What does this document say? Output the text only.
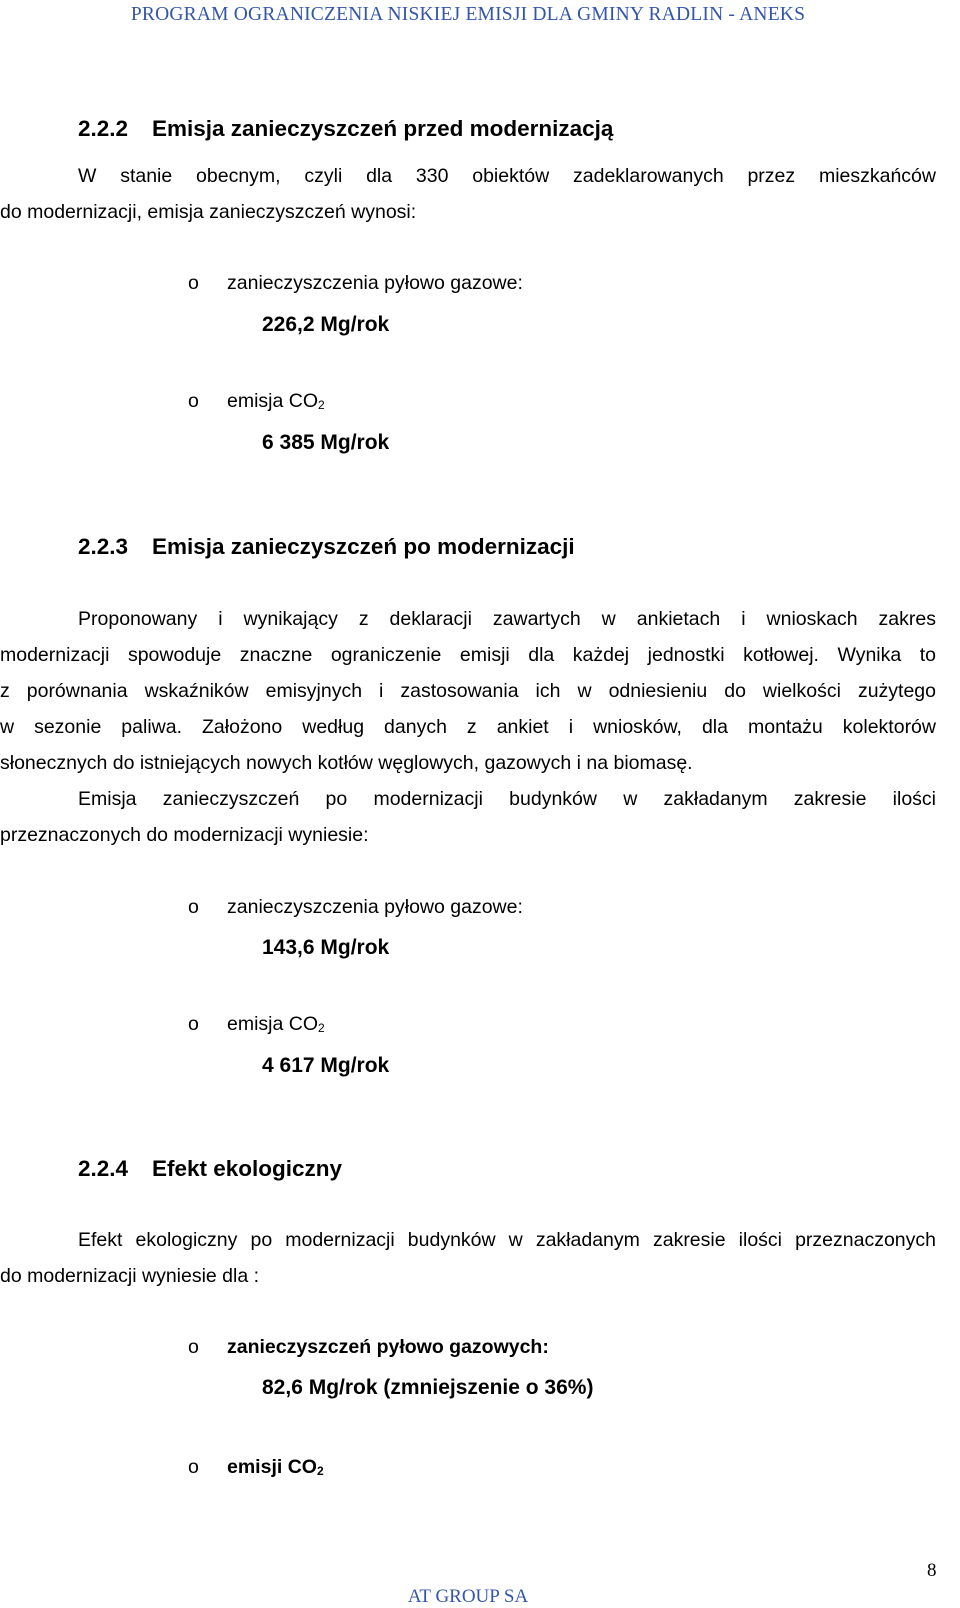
PROGRAM OGRANICZENIA NISKIEJ EMISJI DLA GMINY RADLIN - ANEKS
2.2.2 Emisja zanieczyszczeń przed modernizacją
W stanie obecnym, czyli dla 330 obiektów zadeklarowanych przez mieszkańców
do modernizacji, emisja zanieczyszczeń wynosi:
o zanieczyszczenia pyłowo gazowe:
226,2 Mg/rok
o emisja $CO_2$
6 385 Mg/rok
2.2.3 Emisja zanieczyszczeń po modernizacji
Proponowany i wynikający z deklaracji zawartych w ankietach i wnioskach zakres
modernizacji spowoduje znaczne ograniczenie emisji dla każdej jednostki kotłowej. Wynika to
z porównania wskaźników emisyjnych i zastosowania ich w odniesieniu do wielkości zużytego
w sezonie paliwa. Założono według danych z ankiet i wniosków, dla montażu kolektorów
słonecznych do istniejących nowych kotłów węglowych, gazowych i na biomasę.
Emisja zanieczyszczeń po modernizacji budynków w zakładanym zakresie ilości
przeznaczonych do modernizacji wyniesie:
o zanieczyszczenia pyłowo gazowe:
143,6 Mg/rok
o emisja $CO_2$
4 617 Mg/rok
2.2.4 Efekt ekologiczny
Efekt ekologiczny po modernizacji budynków w zakładanym zakresie ilości przeznaczonych
do modernizacji wyniesie dla :
o zanieczyszczeń pyłowo gazowych:
82,6 Mg/rok (zmniejszenie o 36%)
o emisji $CO_2$
8
AT GROUP SA
